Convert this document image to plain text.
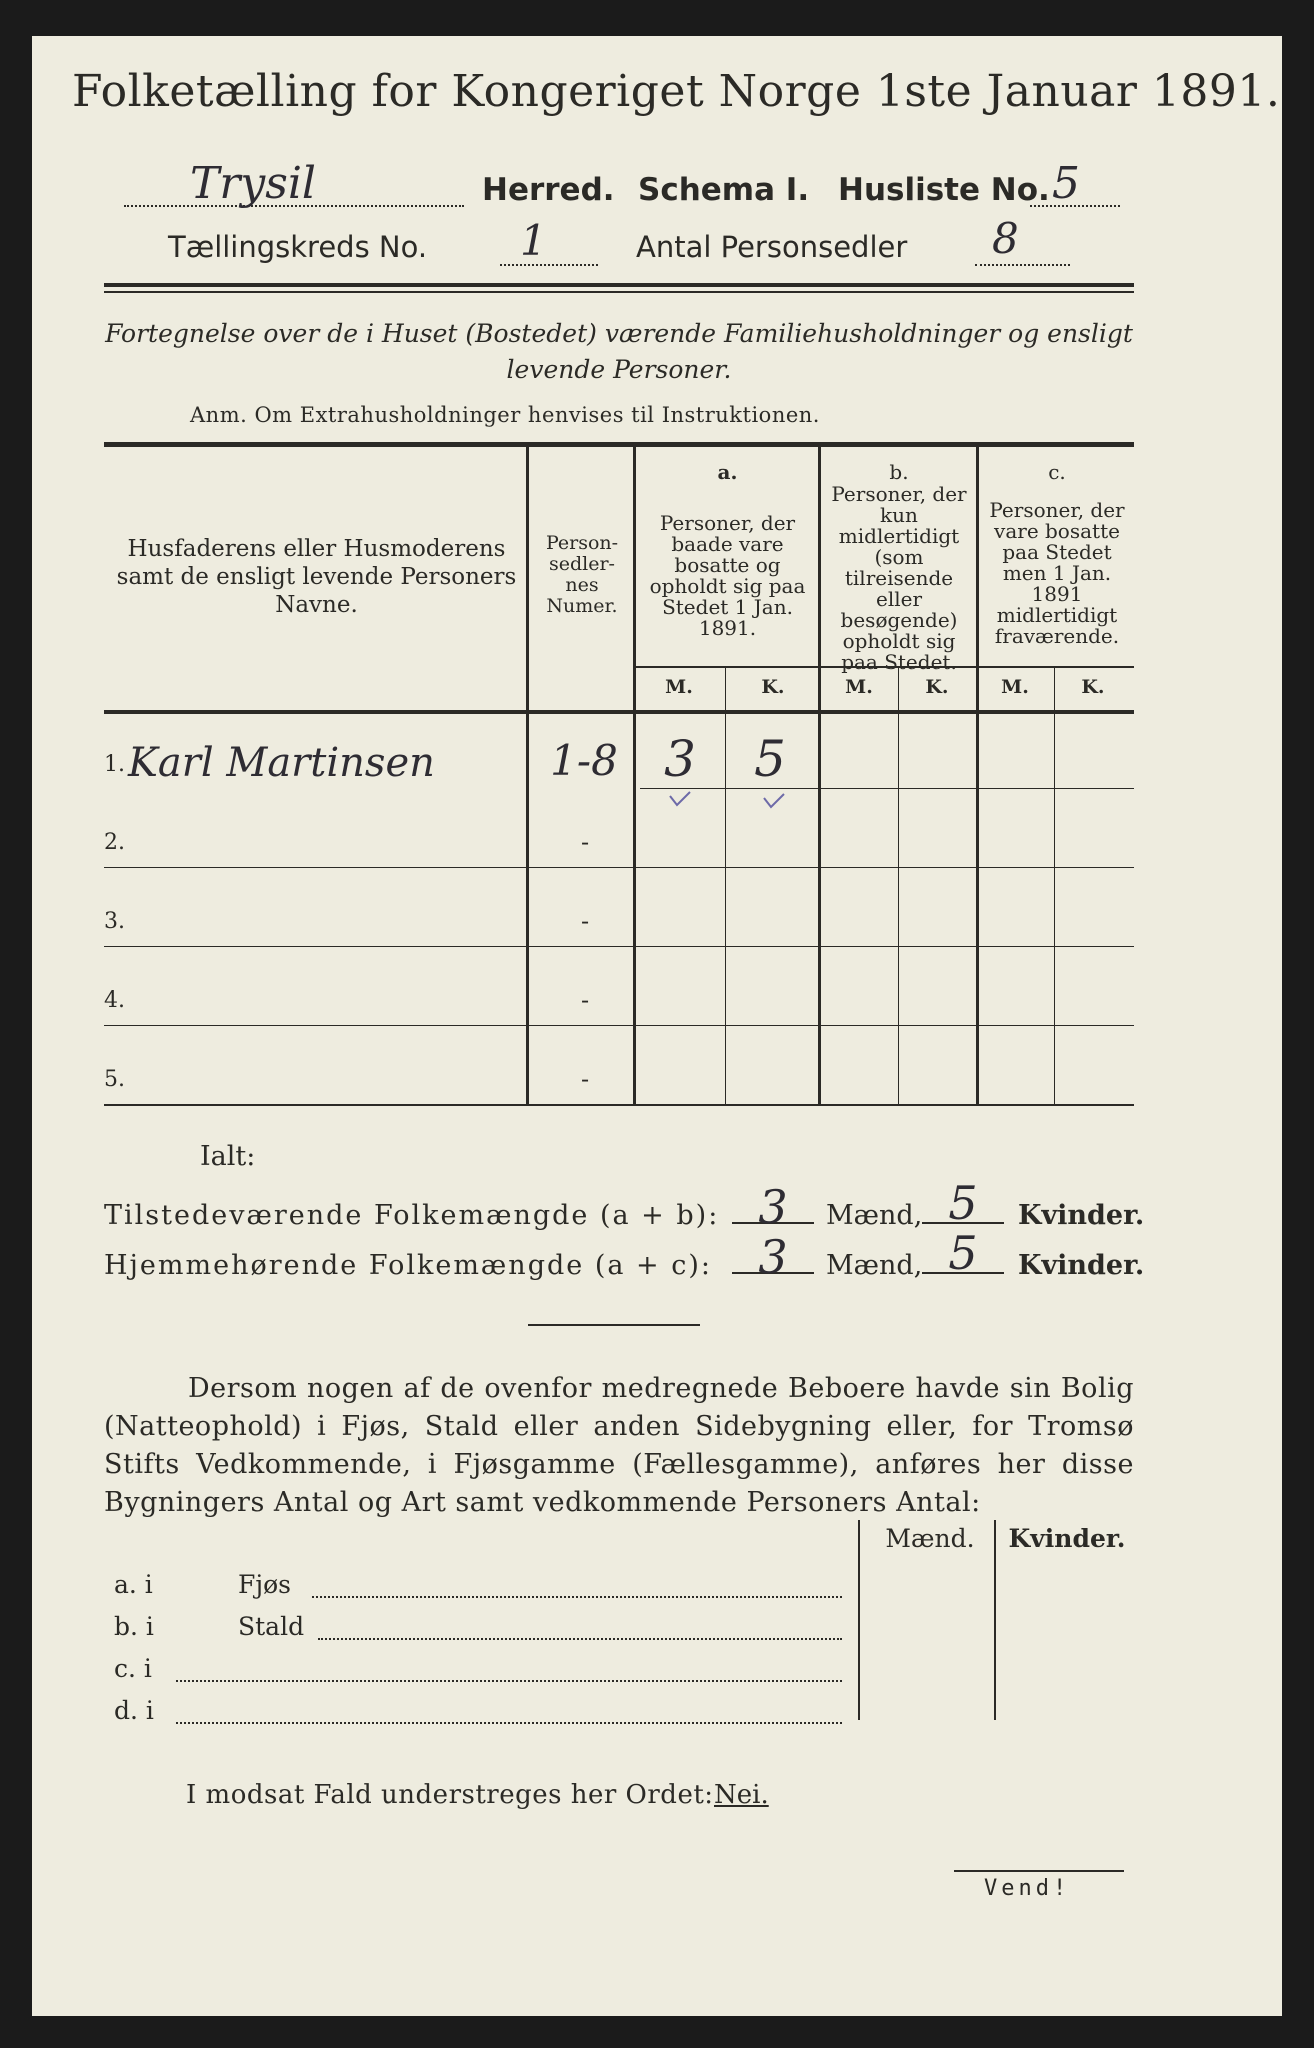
Folketælling for Kongeriget Norge 1ste Januar 1891.
Trysil	Herred. Schema I. Husliste No. 5
Tællingskreds No. 1	Antal Personsedler 8
Fortegnelse over de i Huset (Bostedet) værende Familiehusholdninger og ensligt levende Personer.
Anm. Om Extrahusholdninger henvises til Instruktionen.
Husfaderens eller Husmoderens samt de ensligt levende Personers Navne.
Person-sedler-nes Numer.
a.
Personer, der baade vare bosatte og opholdt sig paa Stedet 1 Jan. 1891.
b.
Personer, der kun midlertidigt (som tilreisende eller besøgende) opholdt sig paa Stedet.
c.
Personer, der vare bosatte paa Stedet men 1 Jan. 1891 midlertidigt fraværende.
M.	K.	M.	K.	M.	K.
1. Karl Martinsen	1-8 3	5
2.	-
3.	-
4.	-
5.	-
Ialt:
Tilstedeværende Folkemængde (a + b): 3	Mænd, 5	Kvinder.
Hjemmehørende Folkemængde (a + c): 3	Mænd, 5	Kvinder.
Dersom nogen af de ovenfor medregnede Beboere havde sin Bolig (Natteophold) i Fjøs, Stald eller anden Sidebygning eller, for Tromsø Stifts Vedkommende, i Fjøsgamme (Fællesgamme), anføres her disse Bygningers Antal og Art samt vedkommende Personers Antal:
Mænd.	Kvinder.
a. i	Fjøs
b. i	Stald
c. i
d. i
I modsat Fald understreges her Ordet: Nei.
Vend!
